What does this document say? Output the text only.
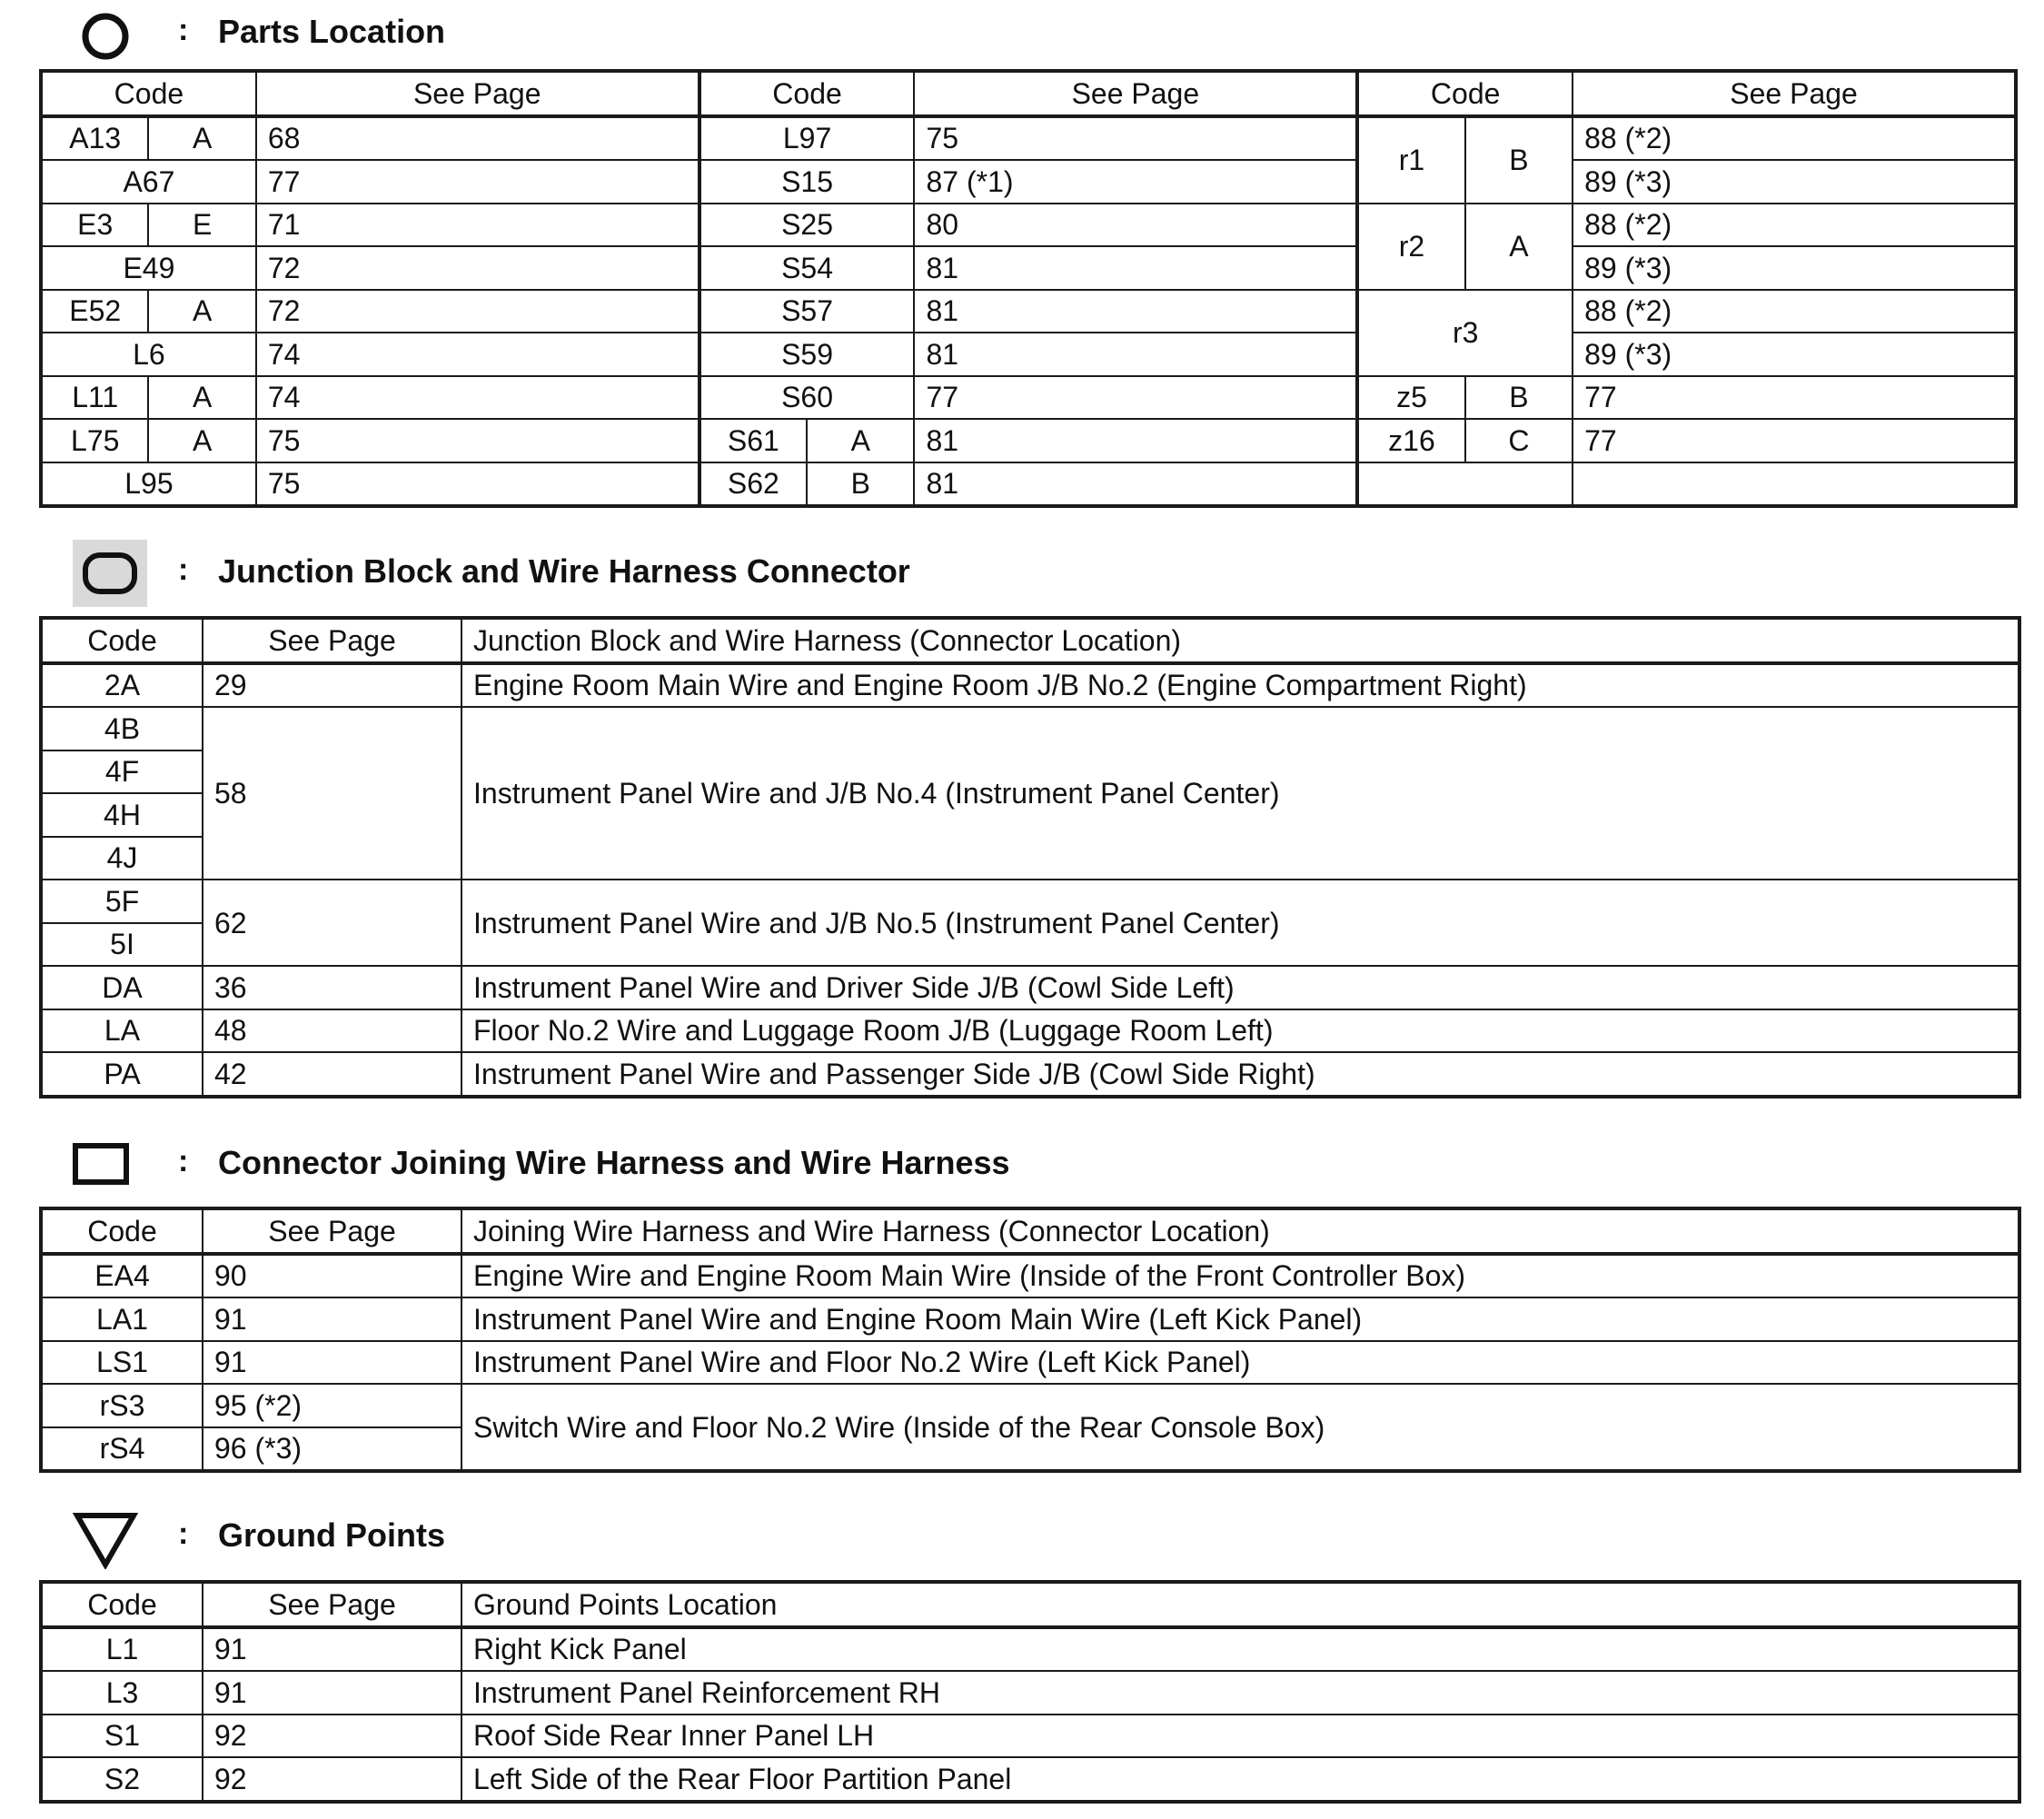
: Parts Location
Code		See Page	Code		See Page	Code		See Page
A13	A	68	L97		75	r1	B	88 (*2)
A67		77	S15		87 (*1)			89 (*3)
E3	E	71	S25		80	r2	A	88 (*2)
E49		72	S54		81			89 (*3)
E52	A	72	S57		81	r3		88 (*2)
L6		74	S59		81			89 (*3)
L11	A	74	S60		77	z5	B	77
L75	A	75	S61	A	81	z16	C	77
L95		75	S62	B	81			
: Junction Block and Wire Harness Connector
Code	See Page	Junction Block and Wire Harness (Connector Location)
2A	29	Engine Room Main Wire and Engine Room J/B No.2 (Engine Compartment Right)
4B	58	Instrument Panel Wire and J/B No.4 (Instrument Panel Center)
4F		
4H		
4J		
5F	62	Instrument Panel Wire and J/B No.5 (Instrument Panel Center)
5I		
DA	36	Instrument Panel Wire and Driver Side J/B (Cowl Side Left)
LA	48	Floor No.2 Wire and Luggage Room J/B (Luggage Room Left)
PA	42	Instrument Panel Wire and Passenger Side J/B (Cowl Side Right)
: Connector Joining Wire Harness and Wire Harness
Code	See Page	Joining Wire Harness and Wire Harness (Connector Location)
EA4	90	Engine Wire and Engine Room Main Wire (Inside of the Front Controller Box)
LA1	91	Instrument Panel Wire and Engine Room Main Wire (Left Kick Panel)
LS1	91	Instrument Panel Wire and Floor No.2 Wire (Left Kick Panel)
rS3	95 (*2)	Switch Wire and Floor No.2 Wire (Inside of the Rear Console Box)
rS4	96 (*3)	
: Ground Points
Code	See Page	Ground Points Location
L1	91	Right Kick Panel
L3	91	Instrument Panel Reinforcement RH
S1	92	Roof Side Rear Inner Panel LH
S2	92	Left Side of the Rear Floor Partition Panel
